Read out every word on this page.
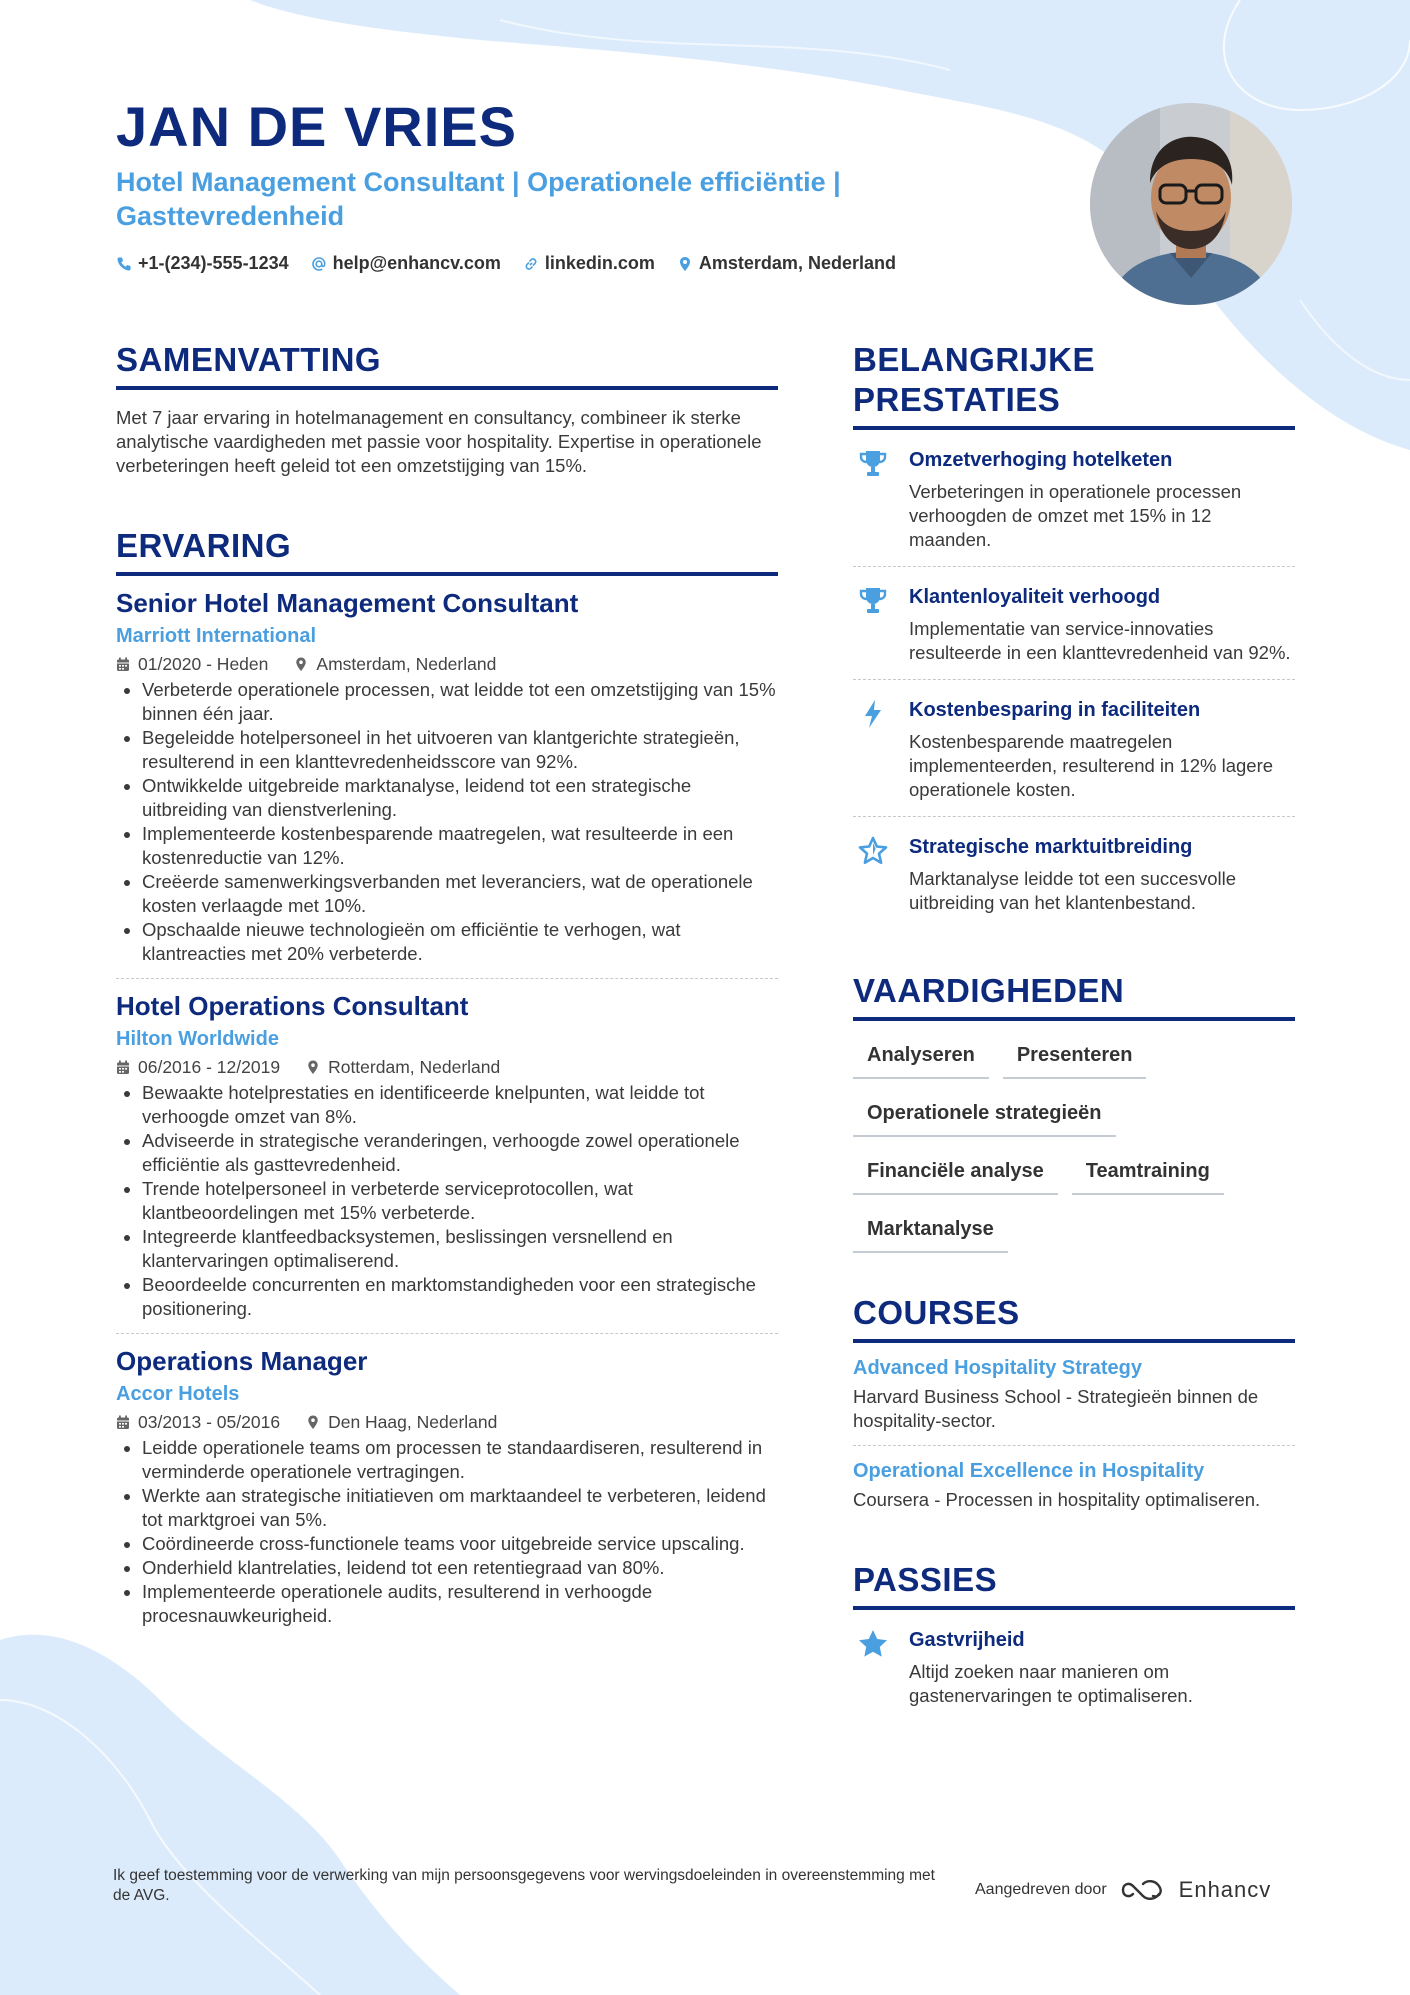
JAN DE VRIES
Hotel Management Consultant | Operationele efficiëntie | Gasttevredenheid
+1-(234)-555-1234 help@enhancv.com linkedin.com Amsterdam, Nederland
SAMENVATTING

Met 7 jaar ervaring in hotelmanagement en consultancy, combineer ik sterke analytische vaardigheden met passie voor hospitality. Expertise in operationele verbeteringen heeft geleid tot een omzetstijging van 15%.

ERVARING
Senior Hotel Management Consultant
Marriott International
01/2020 - Heden	Amsterdam, Nederland
• Verbeterde operationele processen, wat leidde tot een omzetstijging van 15% binnen één jaar.
• Begeleidde hotelpersoneel in het uitvoeren van klantgerichte strategieën, resulterend in een klanttevredenheidsscore van 92%.
• Ontwikkelde uitgebreide marktanalyse, leidend tot een strategische uitbreiding van dienstverlening.
• Implementeerde kostenbesparende maatregelen, wat resulteerde in een kostenreductie van 12%.
• Creëerde samenwerkingsverbanden met leveranciers, wat de operationele kosten verlaagde met 10%.
• Opschaalde nieuwe technologieën om efficiëntie te verhogen, wat klantreacties met 20% verbeterde.
Hotel Operations Consultant
Hilton Worldwide
06/2016 - 12/2019	Rotterdam, Nederland
• Bewaakte hotelprestaties en identificeerde knelpunten, wat leidde tot verhoogde omzet van 8%.
• Adviseerde in strategische veranderingen, verhoogde zowel operationele efficiëntie als gasttevredenheid.
• Trende hotelpersoneel in verbeterde serviceprotocollen, wat klantbeoordelingen met 15% verbeterde.
• Integreerde klantfeedbacksystemen, beslissingen versnellend en klantervaringen optimaliserend.
• Beoordeelde concurrenten en marktomstandigheden voor een strategische positionering.
Operations Manager
Accor Hotels
03/2013 - 05/2016	Den Haag, Nederland
• Leidde operationele teams om processen te standaardiseren, resulterend in verminderde operationele vertragingen.
• Werkte aan strategische initiatieven om marktaandeel te verbeteren, leidend tot marktgroei van 5%.
• Coördineerde cross-functionele teams voor uitgebreide service upscaling.
• Onderhield klantrelaties, leidend tot een retentiegraad van 80%.
• Implementeerde operationele audits, resulterend in verhoogde procesnauwkeurigheid.
BELANGRIJKE PRESTATIES
Omzetverhoging hotelketen
Verbeteringen in operationele processen verhoogden de omzet met 15% in 12 maanden.
Klantenloyaliteit verhoogd
Implementatie van service-innovaties resulteerde in een klanttevredenheid van 92%.
Kostenbesparing in faciliteiten
Kostenbesparende maatregelen implementeerden, resulterend in 12% lagere operationele kosten.
Strategische marktuitbreiding
Marktanalyse leidde tot een succesvolle uitbreiding van het klantenbestand.
VAARDIGHEDEN
Analyseren	Presenteren
Operationele strategieën
Financiële analyse	Teamtraining
Marktanalyse
COURSES
Advanced Hospitality Strategy
Harvard Business School - Strategieën binnen de hospitality-sector.
Operational Excellence in Hospitality
Coursera - Processen in hospitality optimaliseren.
PASSIES
Gastvrijheid
Altijd zoeken naar manieren om gastenervaringen te optimaliseren.
Ik geef toestemming voor de verwerking van mijn persoonsgegevens voor wervingsdoeleinden in overeenstemming met de AVG.	Aangedreven door	Enhancv
